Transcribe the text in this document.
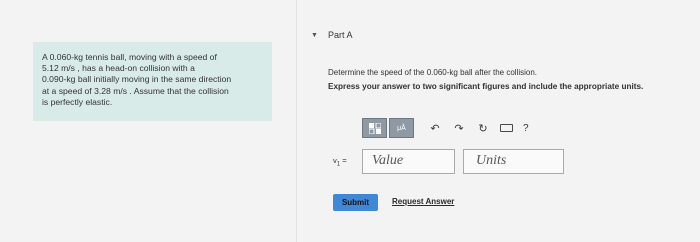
A 0.060-kg tennis ball, moving with a speed of
5.12 m/s , has a head-on collision with a
0.090-kg ball initially moving in the same direction
at a speed of 3.28 m/s . Assume that the collision
is perfectly elastic.
▼ Part A
Determine the speed of the 0.060-kg ball after the collision.
Express your answer to two significant figures and include the appropriate units.
μÅ ↶ ↷ ↻	?
$v_1$ =	Value	Units
Submit	Request Answer
